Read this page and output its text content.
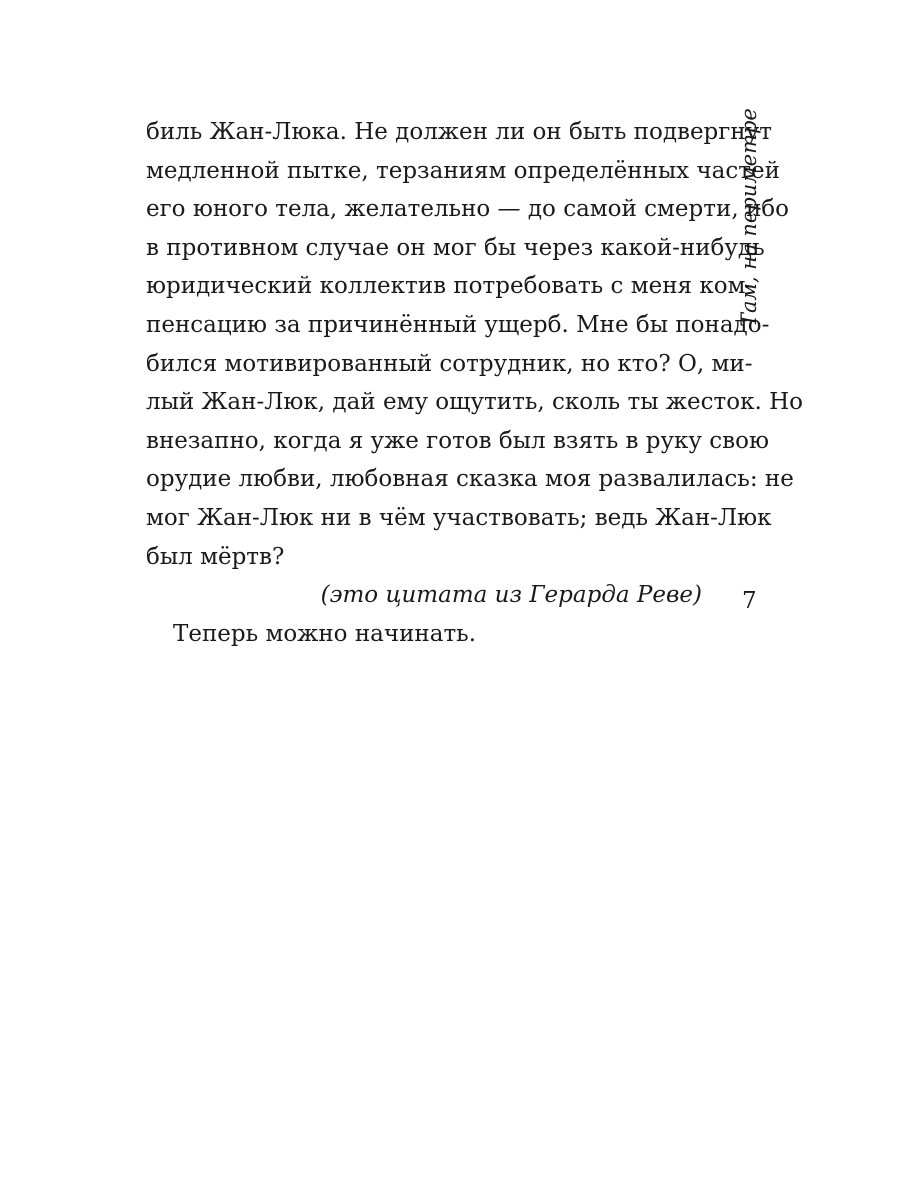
Там, на периметре
7
биль Жан-Люка. Не должен ли он быть подвергнут
медленной пытке, терзаниям определённых частей
его юного тела, желательно — до самой смерти, ибо
в противном случае он мог бы через какой-нибудь
юридический коллектив потребовать с меня ком-
пенсацию за причинённый ущерб. Мне бы понадо-
бился мотивированный сотрудник, но кто? О, ми-
лый Жан-Люк, дай ему ощутить, сколь ты жесток. Но
внезапно, когда я уже готов был взять в руку свою
орудие любви, любовная сказка моя развалилась: не
мог Жан-Люк ни в чём участвовать; ведь Жан-Люк
был мёртв?
(это цитата из Герарда Реве)
Теперь можно начинать.
